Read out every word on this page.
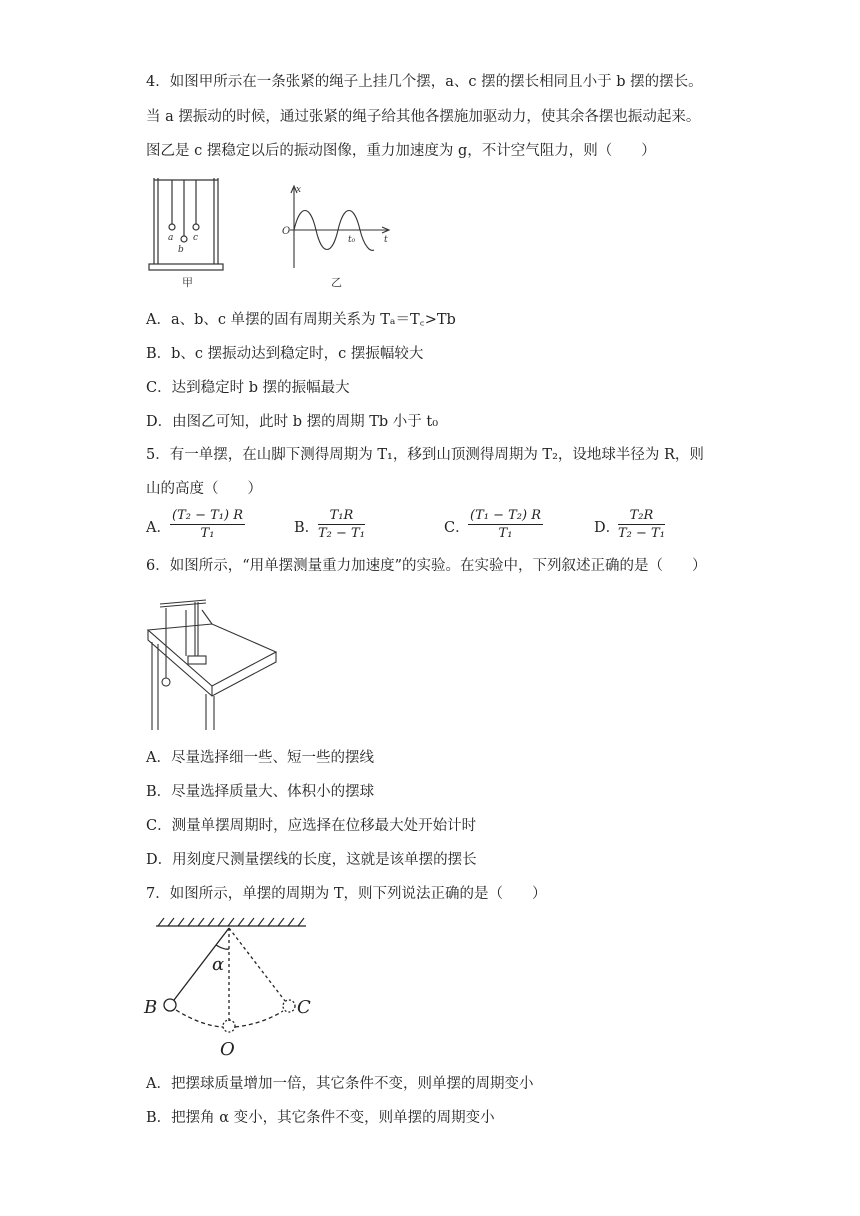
4．如图甲所示在一条张紧的绳子上挂几个摆，a、c 摆的摆长相同且小于 b 摆的摆长。
当 a 摆振动的时候，通过张紧的绳子给其他各摆施加驱动力，使其余各摆也振动起来。
图乙是 c 摆稳定以后的振动图像，重力加速度为 g，不计空气阻力，则（　　）
a
b
c
甲
x
O
t
t₀
乙
A．a、b、c 单摆的固有周期关系为 Tₐ＝T꜀>Tb
B．b、c 摆振动达到稳定时，c 摆振幅较大
C．达到稳定时 b 摆的振幅最大
D．由图乙可知，此时 b 摆的周期 Tb 小于 t₀
5．有一单摆，在山脚下测得周期为 T₁，移到山顶测得周期为 T₂，设地球半径为 R，则
山的高度（　　）
A． $\frac{\text{(T₂ − T₁) R}}{\text{T₁}}$	B．
$\frac{\text{T₁R}}{\text{T₂ − T₁}}$	C．
$\frac{\text{(T₁ − T₂) R}}{\text{T₁}}$	D．
$\frac{\text{T₂R}}{\text{T₂ − T₁}}$
6．如图所示，“用单摆测量重力加速度”的实验。在实验中，下列叙述正确的是（　　）
A．尽量选择细一些、短一些的摆线
B．尽量选择质量大、体积小的摆球
C．测量单摆周期时，应选择在位移最大处开始计时
D．用刻度尺测量摆线的长度，这就是该单摆的摆长
7．如图所示，单摆的周期为 T，则下列说法正确的是（　　）
α
B	C
O
A．把摆球质量增加一倍，其它条件不变，则单摆的周期变小
B．把摆角 α 变小，其它条件不变，则单摆的周期变小
